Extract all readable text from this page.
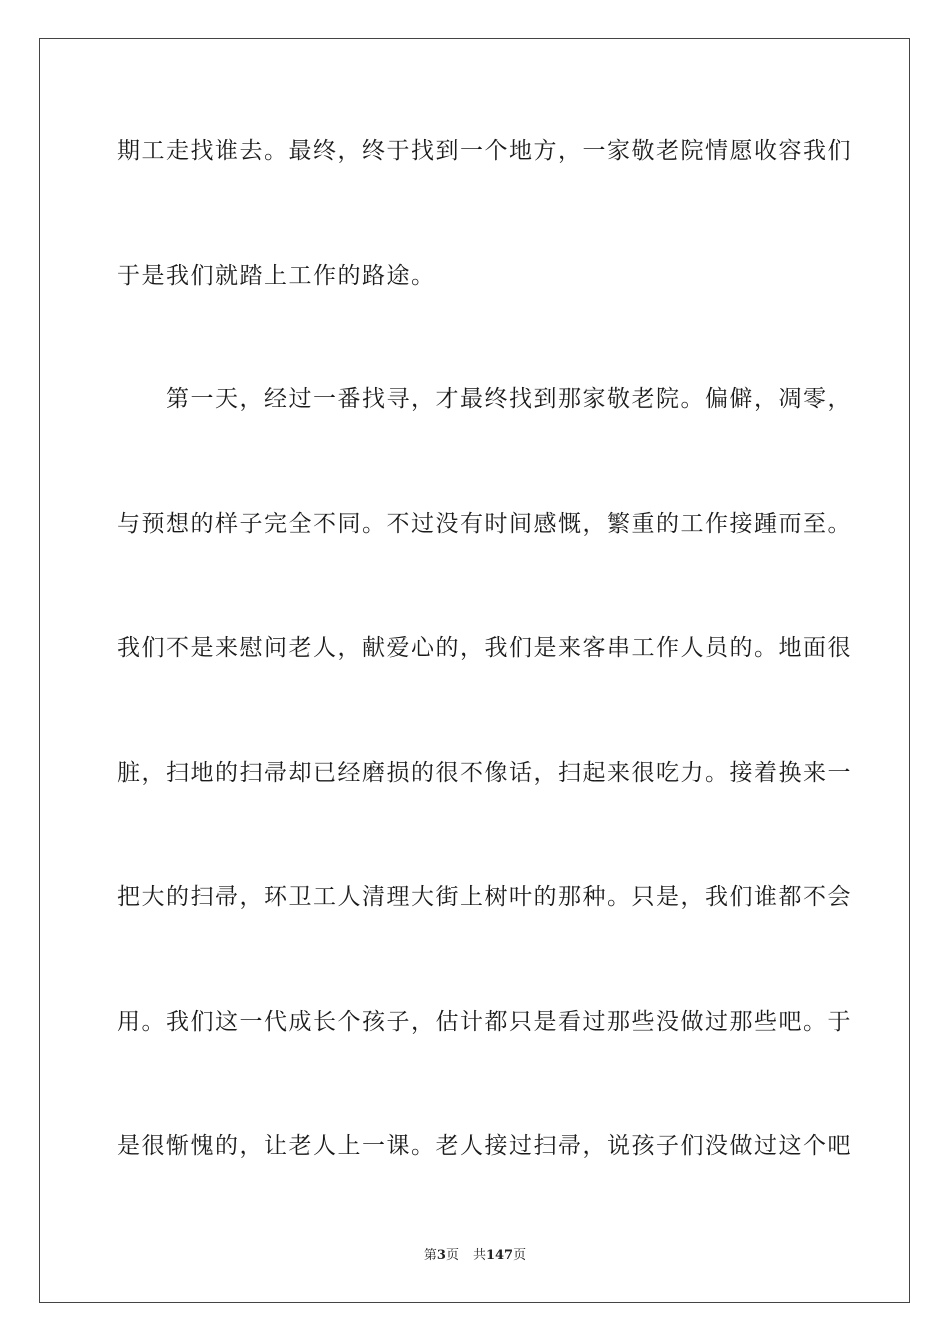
期工走找谁去。最终，终于找到一个地方，一家敬老院情愿收容我们
于是我们就踏上工作的路途。
　　第一天，经过一番找寻，才最终找到那家敬老院。偏僻，凋零，
与预想的样子完全不同。不过没有时间感慨，繁重的工作接踵而至。
我们不是来慰问老人，献爱心的，我们是来客串工作人员的。地面很
脏，扫地的扫帚却已经磨损的很不像话，扫起来很吃力。接着换来一
把大的扫帚，环卫工人清理大街上树叶的那种。只是，我们谁都不会
用。我们这一代成长个孩子，估计都只是看过那些没做过那些吧。于
是很惭愧的，让老人上一课。老人接过扫帚，说孩子们没做过这个吧
第3页 共147页
